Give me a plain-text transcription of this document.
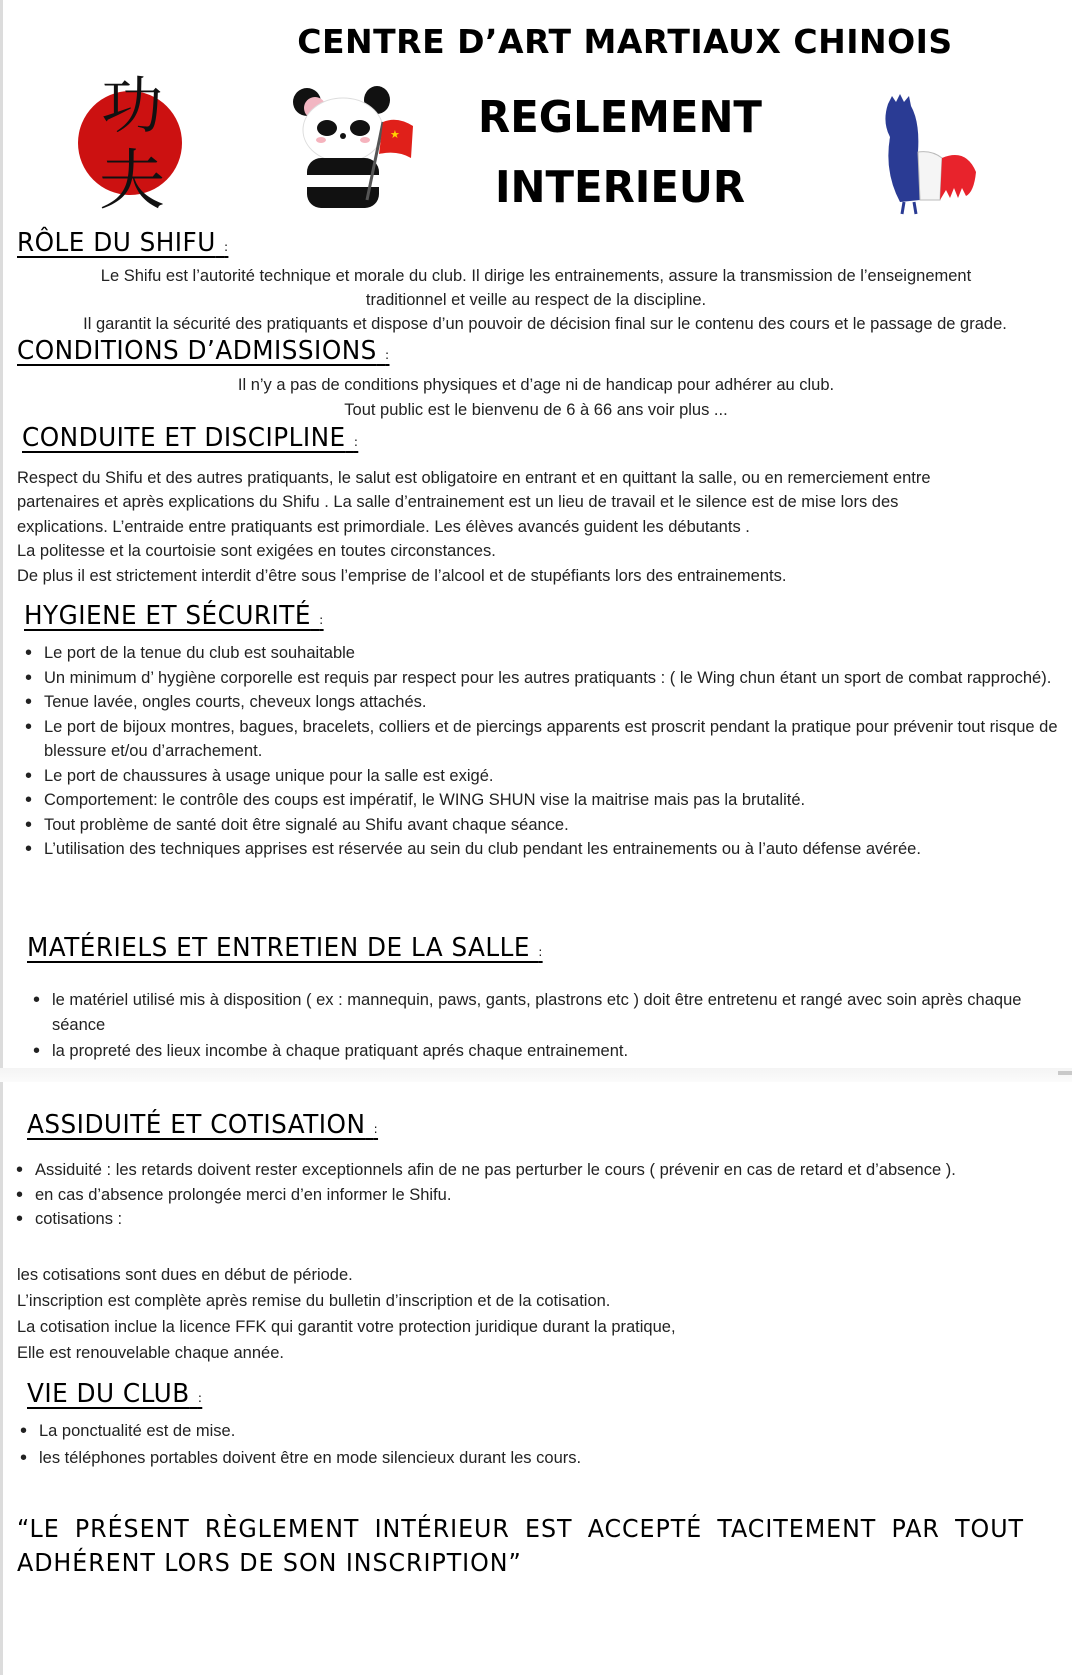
CENTRE D’ART MARTIAUX CHINOIS
功
夫
★ REGLEMENT
INTERIEUR
RÔLE DU SHIFU :
Le Shifu est l’autorité technique et morale du club. Il dirige les entrainements, assure la transmission de l’enseignement
traditionnel et veille au respect de la discipline.
Il garantit la sécurité des pratiquants et dispose d’un pouvoir de décision final sur le contenu des cours et le passage de grade.
CONDITIONS D’ADMISSIONS :
Il n’y a pas de conditions physiques et d’age ni de handicap pour adhérer au club.
Tout public est le bienvenu de 6 à 66 ans voir plus ...
CONDUITE ET DISCIPLINE :
Respect du Shifu et des autres pratiquants, le salut est obligatoire en entrant et en quittant la salle, ou en remerciement entre
partenaires et après explications du Shifu . La salle d’entrainement est un lieu de travail et le silence est de mise lors des
explications. L’entraide entre pratiquants est primordiale. Les élèves avancés guident les débutants .
La politesse et la courtoisie sont exigées en toutes circonstances.
De plus il est strictement interdit d’être sous l’emprise de l’alcool et de stupéfiants lors des entrainements.
HYGIENE ET SÉCURITÉ :
• Le port de la tenue du club est souhaitable
• Un minimum d’ hygiène corporelle est requis par respect pour les autres pratiquants : ( le Wing chun étant un sport de combat rapproché).
• Tenue lavée, ongles courts, cheveux longs attachés.
• Le port de bijoux montres, bagues, bracelets, colliers et de piercings apparents est proscrit pendant la pratique pour prévenir tout risque de blessure et/ou d’arrachement.
• Le port de chaussures à usage unique pour la salle est exigé.
• Comportement: le contrôle des coups est impératif, le WING SHUN vise la maitrise mais pas la brutalité.
• Tout problème de santé doit être signalé au Shifu avant chaque séance.
• L’utilisation des techniques apprises est réservée au sein du club pendant les entrainements ou à l’auto défense avérée.
MATÉRIELS ET ENTRETIEN DE LA SALLE :
• le matériel utilisé mis à disposition ( ex : mannequin, paws, gants, plastrons etc ) doit être entretenu et rangé avec soin après chaque séance
• la propreté des lieux incombe à chaque pratiquant aprés chaque entrainement.
ASSIDUITÉ ET COTISATION :
• Assiduité : les retards doivent rester exceptionnels afin de ne pas perturber le cours ( prévenir en cas de retard et d’absence ).
• en cas d’absence prolongée merci d’en informer le Shifu.
• cotisations :
les cotisations sont dues en début de période.
L’inscription est complète après remise du bulletin d’inscription et de la cotisation.
La cotisation inclue la licence FFK qui garantit votre protection juridique durant la pratique,
Elle est renouvelable chaque année.
VIE DU CLUB :
• La ponctualité est de mise.
• les téléphones portables doivent être en mode silencieux durant les cours.
“LE PRÉSENT RÈGLEMENT INTÉRIEUR EST ACCEPTÉ TACITEMENT PAR TOUT ADHÉRENT LORS DE SON INSCRIPTION”
